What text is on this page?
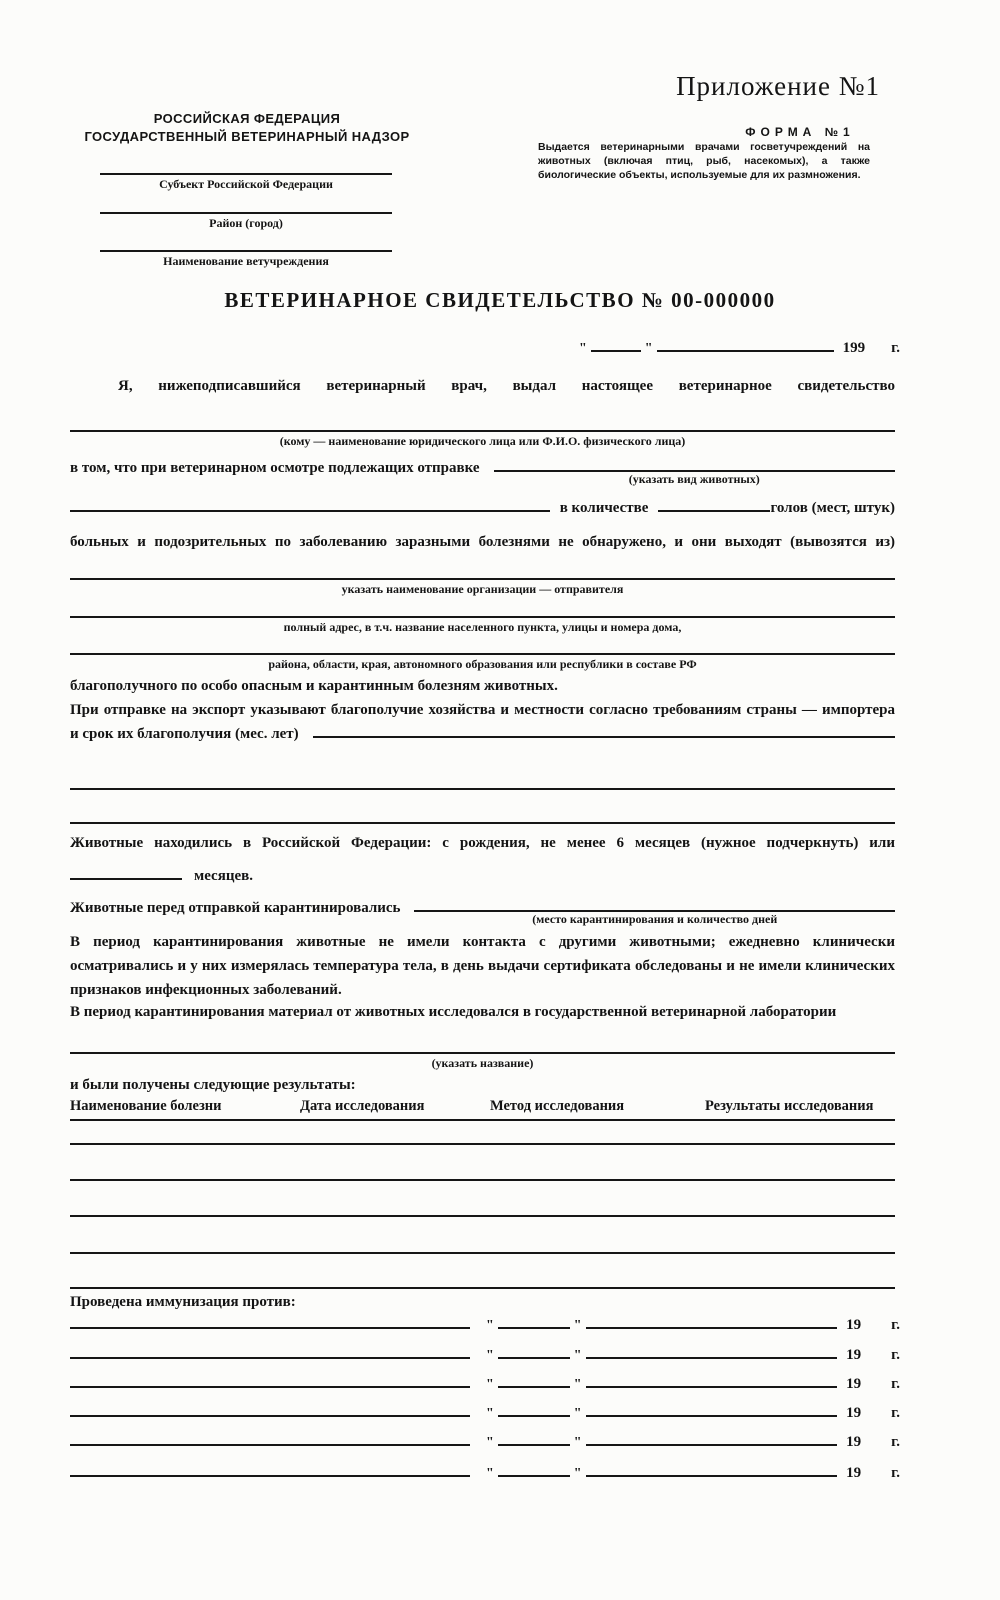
Приложение №1
РОССИЙСКАЯ ФЕДЕРАЦИЯ
ГОСУДАРСТВЕННЫЙ ВЕТЕРИНАРНЫЙ НАДЗОР	ФОРМА №1
Выдается ветеринарными врачами госветучреждений на животных (включая птиц, рыб, насекомых), а также биологические объекты, используемые для их размножения.
Субъект Российской Федерации
Район (город)
Наименование ветучреждения
ВЕТЕРИНАРНОЕ СВИДЕТЕЛЬСТВО № 00-000000
"	"	199 г.
Я, нижеподписавшийся ветеринарный врач, выдал настоящее ветеринарное свидетельство
(кому — наименование юридического лица или Ф.И.О. физического лица)
в том, что при ветеринарном осмотре подлежащих отправке
(указать вид животных)
в количестве	голов (мест, штук)
больных и подозрительных по заболеванию заразными болезнями не обнаружено, и они выходят (вывозятся из)
указать наименование организации — отправителя
полный адрес, в т.ч. название населенного пункта, улицы и номера дома,
района, области, края, автономного образования или республики в составе РФ
благополучного по особо опасным и карантинным болезням животных.
При отправке на экспорт указывают благополучие хозяйства и местности согласно требованиям страны — импортера
и срок их благополучия (мес. лет)
Животные находились в Российской Федерации: с рождения, не менее 6 месяцев (нужное подчеркнуть) или
месяцев.
Животные перед отправкой карантинировались
(место карантинирования и количество дней
В период карантинирования животные не имели контакта с другими животными; ежедневно клинически осматривались и у них измерялась температура тела, в день выдачи сертификата обследованы и не имели клинических признаков инфекционных заболеваний.
В период карантинирования материал от животных исследовался в государственной ветеринарной лаборатории
(указать название)
и были получены следующие результаты:
Наименование болезни	Дата исследования	Метод исследования	Результаты исследования
Проведена иммунизация против:
"	"	19 г.
"	"	19 г.
"	"	19 г.
"	"	19 г.
"	"	19 г.
"	"	19 г.
